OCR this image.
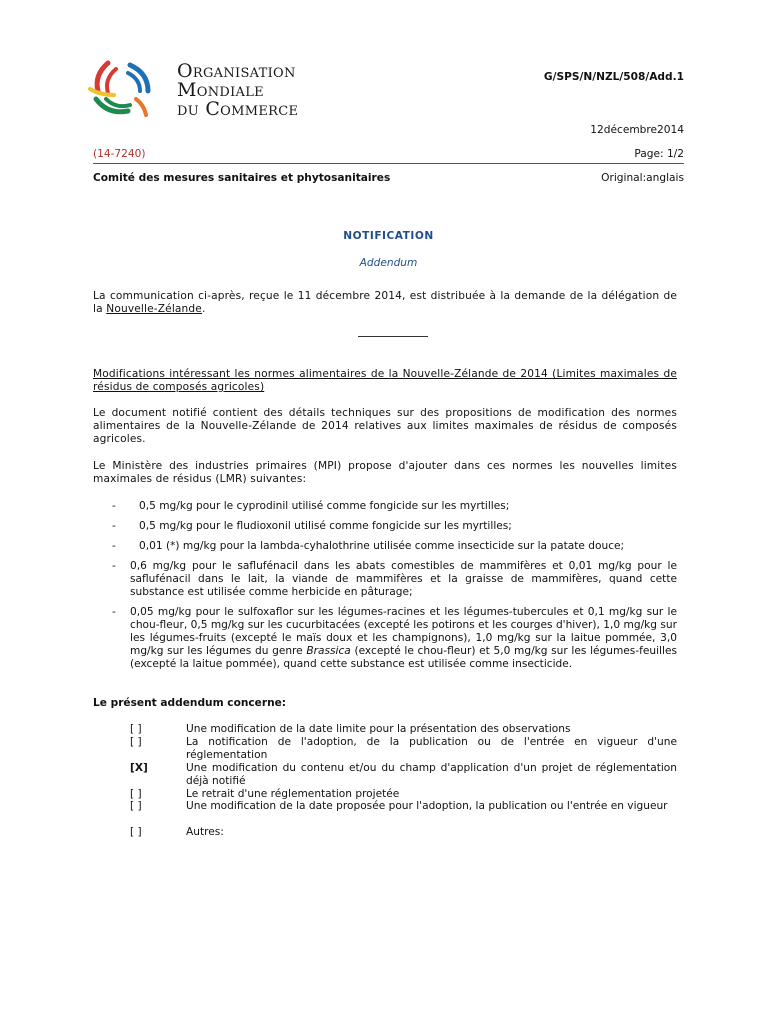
Organisation
Mondiale
du Commerce
G/SPS/N/NZL/508/Add.1
12décembre2014
(14-7240)	Page: 1/2
Comité des mesures sanitaires et phytosanitaires	Original:anglais
NOTIFICATION
Addendum
La communication ci-après, reçue le 11 décembre 2014, est distribuée à la demande de la délégation de la Nouvelle-Zélande.
Modifications intéressant les normes alimentaires de la Nouvelle-Zélande de 2014 (Limites maximales de résidus de composés agricoles)
Le document notifié contient des détails techniques sur des propositions de modification des normes alimentaires de la Nouvelle-Zélande de 2014 relatives aux limites maximales de résidus de composés agricoles.
Le Ministère des industries primaires (MPI) propose d'ajouter dans ces normes les nouvelles limites maximales de résidus (LMR) suivantes:
- 0,5 mg/kg pour le cyprodinil utilisé comme fongicide sur les myrtilles;
- 0,5 mg/kg pour le fludioxonil utilisé comme fongicide sur les myrtilles;
- 0,01 (*) mg/kg pour la lambda-cyhalothrine utilisée comme insecticide sur la patate douce;
- 0,6 mg/kg pour le saflufénacil dans les abats comestibles de mammifères et 0,01 mg/kg pour le saflufénacil dans le lait, la viande de mammifères et la graisse de mammifères, quand cette substance est utilisée comme herbicide en pâturage;
- 0,05 mg/kg pour le sulfoxaflor sur les légumes-racines et les légumes-tubercules et 0,1 mg/kg sur le chou-fleur, 0,5 mg/kg sur les cucurbitacées (excepté les potirons et les courges d'hiver), 1,0 mg/kg sur les légumes-fruits (excepté le maïs doux et les champignons), 1,0 mg/kg sur la laitue pommée, 3,0 mg/kg sur les légumes du genre Brassica (excepté le chou-fleur) et 5,0 mg/kg sur les légumes-feuilles (excepté la laitue pommée), quand cette substance est utilisée comme insecticide.
Le présent addendum concerne:
[ ]	Une modification de la date limite pour la présentation des observations
[ ]	La notification de l'adoption, de la publication ou de l'entrée en vigueur d'une réglementation
[X]	Une modification du contenu et/ou du champ d'application d'un projet de réglementation déjà notifié
[ ]	Le retrait d'une réglementation projetée
[ ]	Une modification de la date proposée pour l'adoption, la publication ou l'entrée en vigueur
[ ]	Autres:
